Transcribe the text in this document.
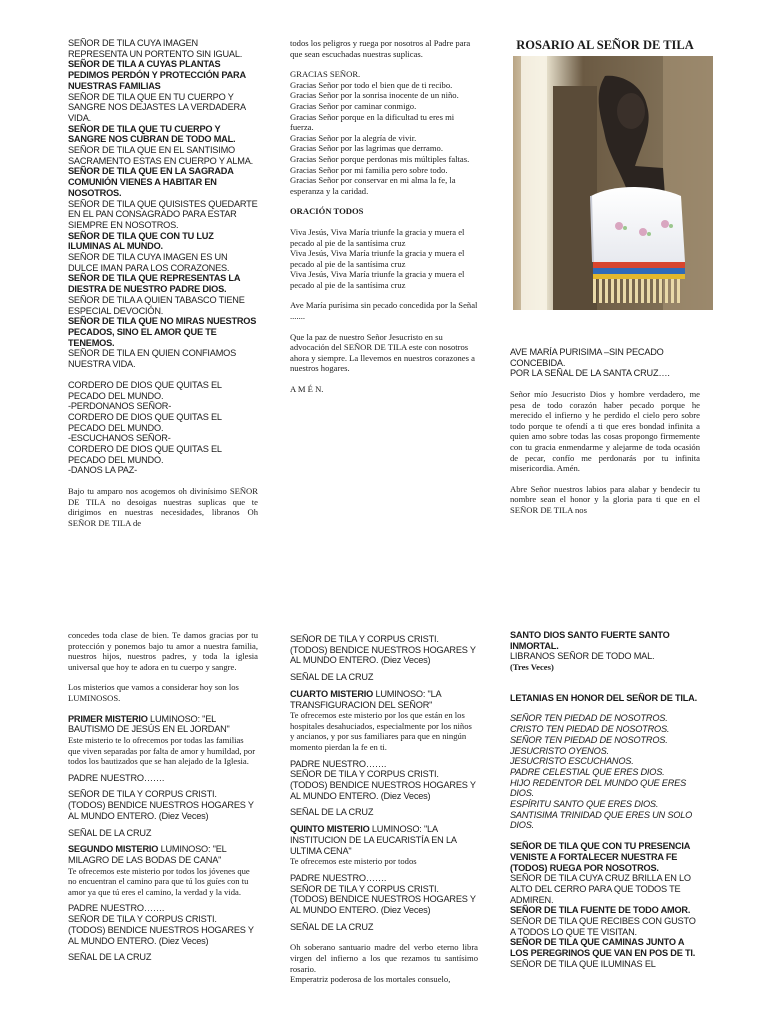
SEÑOR DE TILA CUYA IMAGEN REPRESENTA UN PORTENTO SIN IGUAL.

SEÑOR DE TILA A CUYAS PLANTAS PEDIMOS PERDÓN Y PROTECCIÓN PARA NUESTRAS FAMILIAS

SEÑOR DE TILA QUE EN TU CUERPO Y SANGRE NOS DEJASTES LA VERDADERA VIDA.

SEÑOR DE TILA QUE TU CUERPO Y SANGRE NOS CUBRAN DE TODO MAL.

SEÑOR DE TILA QUE EN EL SANTISIMO SACRAMENTO ESTAS EN CUERPO Y ALMA.

SEÑOR DE TILA QUE EN LA SAGRADA COMUNIÓN VIENES A HABITAR EN NOSOTROS.

SEÑOR DE TILA QUE QUISISTES QUEDARTE EN EL PAN CONSAGRADO PARA ESTAR SIEMPRE EN NOSOTROS.

SEÑOR DE TILA QUE CON TU LUZ ILUMINAS AL MUNDO.

SEÑOR DE TILA CUYA IMAGEN ES UN DULCE IMAN PARA LOS CORAZONES.

SEÑOR DE TILA QUE REPRESENTAS LA DIESTRA DE NUESTRO PADRE DIOS.

SEÑOR DE TILA A QUIEN TABASCO TIENE ESPECIAL DEVOCIÓN.

SEÑOR DE TILA QUE NO MIRAS NUESTROS PECADOS, SINO EL AMOR QUE TE TENEMOS.

SEÑOR DE TILA EN QUIEN CONFIAMOS NUESTRA VIDA.

CORDERO DE DIOS QUE QUITAS EL PECADO DEL MUNDO.

-PERDONANOS SEÑOR-

CORDERO DE DIOS QUE QUITAS EL PECADO DEL MUNDO.

-ESCUCHANOS SEÑOR-

CORDERO DE DIOS QUE QUITAS EL PECADO DEL MUNDO.

-DANOS LA PAZ-

Bajo tu amparo nos acogemos oh divinísimo SEÑOR DE TILA no desoigas nuestras suplicas que te dirigimos en nuestras necesidades, libranos Oh SEÑOR DE TILA de

todos los peligros y ruega por nosotros al Padre para que sean escuchadas nuestras suplicas.

GRACIAS SEÑOR.

Gracias Señor por todo el bien que de ti recibo.

Gracias Señor por la sonrisa inocente de un niño.

Gracias Señor por caminar conmigo.

Gracias Señor porque en la dificultad tu eres mi fuerza.

Gracias Señor por la alegría de vivir.

Gracias Señor por las lagrimas que derramo.

Gracias Señor porque perdonas mis múltiples faltas.

Gracias Señor por mi familia pero sobre todo.

Gracias Señor por conservar en mi alma la fe, la esperanza y la caridad.

ORACIÓN TODOS

Viva Jesús, Viva María triunfe la gracia y muera el pecado al pie de la santísima cruz

Viva Jesús, Viva María triunfe la gracia y muera el pecado al pie de la santísima cruz

Viva Jesús, Viva María triunfe la gracia y muera el pecado al pie de la santísima cruz

Ave María purísima sin pecado concedida por la Señal .......

Que la paz de nuestro Señor Jesucristo en su advocación del SEÑOR DE TILA este con nosotros ahora y siempre. La llevemos en nuestros corazones a nuestros hogares.

A M É N.

ROSARIO AL SEÑOR DE TILA

AVE MARÍA PURISIMA –SIN PECADO CONCEBIDA.

POR LA SEÑAL DE LA SANTA CRUZ….

Señor mío Jesucristo Dios y hombre verdadero, me pesa de todo corazón haber pecado porque he merecido el infierno y he perdido el cielo pero sobre todo porque te ofendí a ti que eres bondad infinita a quien amo sobre todas las cosas propongo firmemente con tu gracia enmendarme y alejarme de toda ocasión de pecar, confío me perdonarás por tu infinita misericordia. Amén.

Abre Señor nuestros labios para alabar y bendecir tu nombre sean el honor y la gloria para ti que en el SEÑOR DE TILA nos

concedes toda clase de bien. Te damos gracias por tu protección y ponemos bajo tu amor a nuestra familia, nuestros hijos, nuestros padres, y toda la iglesia universal que hoy te adora en tu cuerpo y sangre.

Los misterios que vamos a considerar hoy son los LUMINOSOS.

PRIMER MISTERIO LUMINOSO: "EL BAUTISMO DE JESÚS EN EL JORDAN"

Este misterio te lo ofrecemos por todas las familias que viven separadas por falta de amor y humildad, por todos los bautizados que se han alejado de la Iglesia.

PADRE NUESTRO…….

SEÑOR DE TILA Y CORPUS CRISTI.

(TODOS) BENDICE NUESTROS HOGARES Y AL MUNDO ENTERO. (Diez Veces)

SEÑAL DE LA CRUZ

SEGUNDO MISTERIO LUMINOSO: "EL MILAGRO DE LAS BODAS DE CANA"

Te ofrecemos este misterio por todos los jóvenes que no encuentran el camino para que tú los guíes con tu amor ya que tú eres el camino, la verdad y la vida.

PADRE NUESTRO…….

SEÑOR DE TILA Y CORPUS CRISTI.

(TODOS) BENDICE NUESTROS HOGARES Y AL MUNDO ENTERO. (Diez Veces)

SEÑAL DE LA CRUZ

SEÑOR DE TILA Y CORPUS CRISTI.

(TODOS) BENDICE NUESTROS HOGARES Y AL MUNDO ENTERO. (Diez Veces)

SEÑAL DE LA CRUZ

CUARTO MISTERIO LUMINOSO: "LA TRANSFIGURACION DEL SEÑOR"

Te ofrecemos este misterio por los que están en los hospitales desahuciados, especialmente por los niños y ancianos, y por sus familiares para que en ningún momento pierdan la fe en ti.

PADRE NUESTRO…….

SEÑOR DE TILA Y CORPUS CRISTI.

(TODOS) BENDICE NUESTROS HOGARES Y AL MUNDO ENTERO. (Diez Veces)

SEÑAL DE LA CRUZ

QUINTO MISTERIO LUMINOSO: "LA INSTITUCION DE LA EUCARISTÍA EN LA ULTIMA CENA"

Te ofrecemos este misterio por todos

PADRE NUESTRO…….

SEÑOR DE TILA Y CORPUS CRISTI.

(TODOS) BENDICE NUESTROS HOGARES Y AL MUNDO ENTERO. (Diez Veces)

SEÑAL DE LA CRUZ

Oh soberano santuario madre del verbo eterno libra virgen del infierno a los que rezamos tu santísimo rosario.

Emperatriz poderosa de los mortales consuelo,

SANTO DIOS SANTO FUERTE SANTO INMORTAL.

LIBRANOS SEÑOR DE TODO MAL.

(Tres Veces)

LETANIAS EN HONOR DEL SEÑOR DE TILA.

SEÑOR TEN PIEDAD DE NOSOTROS.

CRISTO TEN PIEDAD DE NOSOTROS.

SEÑOR TEN PIEDAD DE NOSOTROS.

JESUCRISTO OYENOS.

JESUCRISTO ESCUCHANOS.

PADRE CELESTIAL QUE ERES DIOS.

HIJO REDENTOR DEL MUNDO QUE ERES DIOS.

ESPÍRITU SANTO QUE ERES DIOS.

SANTISIMA TRINIDAD QUE ERES UN SOLO DIOS.

SEÑOR DE TILA QUE CON TU PRESENCIA VENISTE A FORTALECER NUESTRA FE (TODOS) RUEGA POR NOSOTROS.

SEÑOR DE TILA CUYA CRUZ BRILLA EN LO ALTO DEL CERRO PARA QUE TODOS TE ADMIREN.

SEÑOR DE TILA FUENTE DE TODO AMOR.

SEÑOR DE TILA QUE RECIBES CON GUSTO A TODOS LO QUE TE VISITAN.

SEÑOR DE TILA QUE CAMINAS JUNTO A LOS PEREGRINOS QUE VAN EN POS DE TI.

SEÑOR DE TILA QUE ILUMINAS EL
